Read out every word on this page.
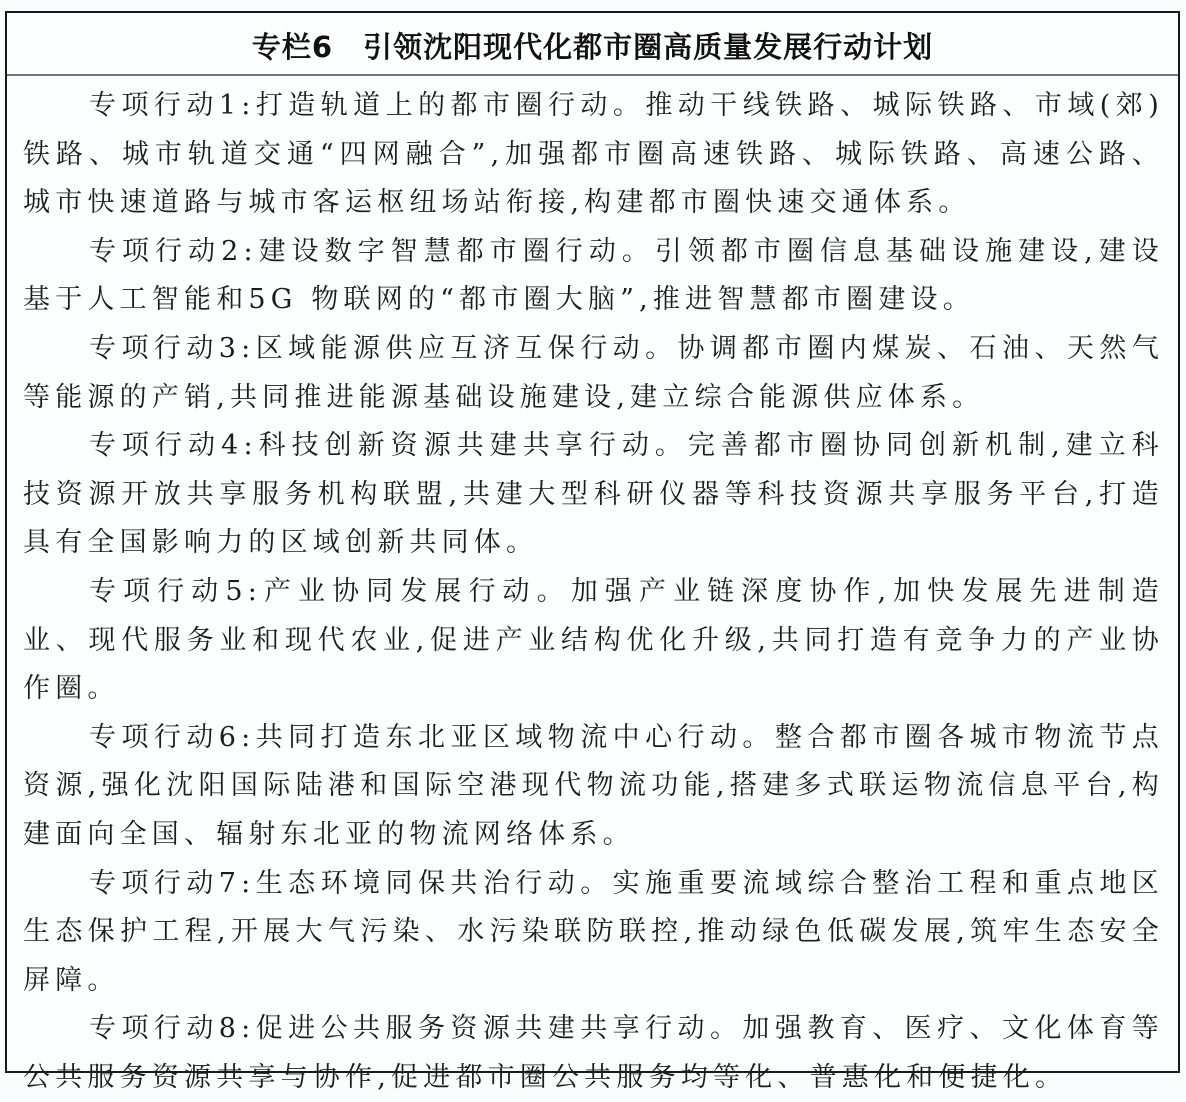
专栏6　引领沈阳现代化都市圈高质量发展行动计划

专项行动1:打造轨道上的都市圈行动。推动干线铁路、城际铁路、市域(郊)铁路、城市轨道交通“四网融合”,加强都市圈高速铁路、城际铁路、高速公路、城市快速道路与城市客运枢纽场站衔接,构建都市圈快速交通体系。

专项行动2:建设数字智慧都市圈行动。引领都市圈信息基础设施建设,建设基于人工智能和5G 物联网的“都市圈大脑”,推进智慧都市圈建设。

专项行动3:区域能源供应互济互保行动。协调都市圈内煤炭、石油、天然气等能源的产销,共同推进能源基础设施建设,建立综合能源供应体系。

专项行动4:科技创新资源共建共享行动。完善都市圈协同创新机制,建立科技资源开放共享服务机构联盟,共建大型科研仪器等科技资源共享服务平台,打造具有全国影响力的区域创新共同体。

专项行动5:产业协同发展行动。加强产业链深度协作,加快发展先进制造业、现代服务业和现代农业,促进产业结构优化升级,共同打造有竞争力的产业协作圈。

专项行动6:共同打造东北亚区域物流中心行动。整合都市圈各城市物流节点资源,强化沈阳国际陆港和国际空港现代物流功能,搭建多式联运物流信息平台,构建面向全国、辐射东北亚的物流网络体系。

专项行动7:生态环境同保共治行动。实施重要流域综合整治工程和重点地区生态保护工程,开展大气污染、水污染联防联控,推动绿色低碳发展,筑牢生态安全屏障。

专项行动8:促进公共服务资源共建共享行动。加强教育、医疗、文化体育等公共服务资源共享与协作,促进都市圈公共服务均等化、普惠化和便捷化。
